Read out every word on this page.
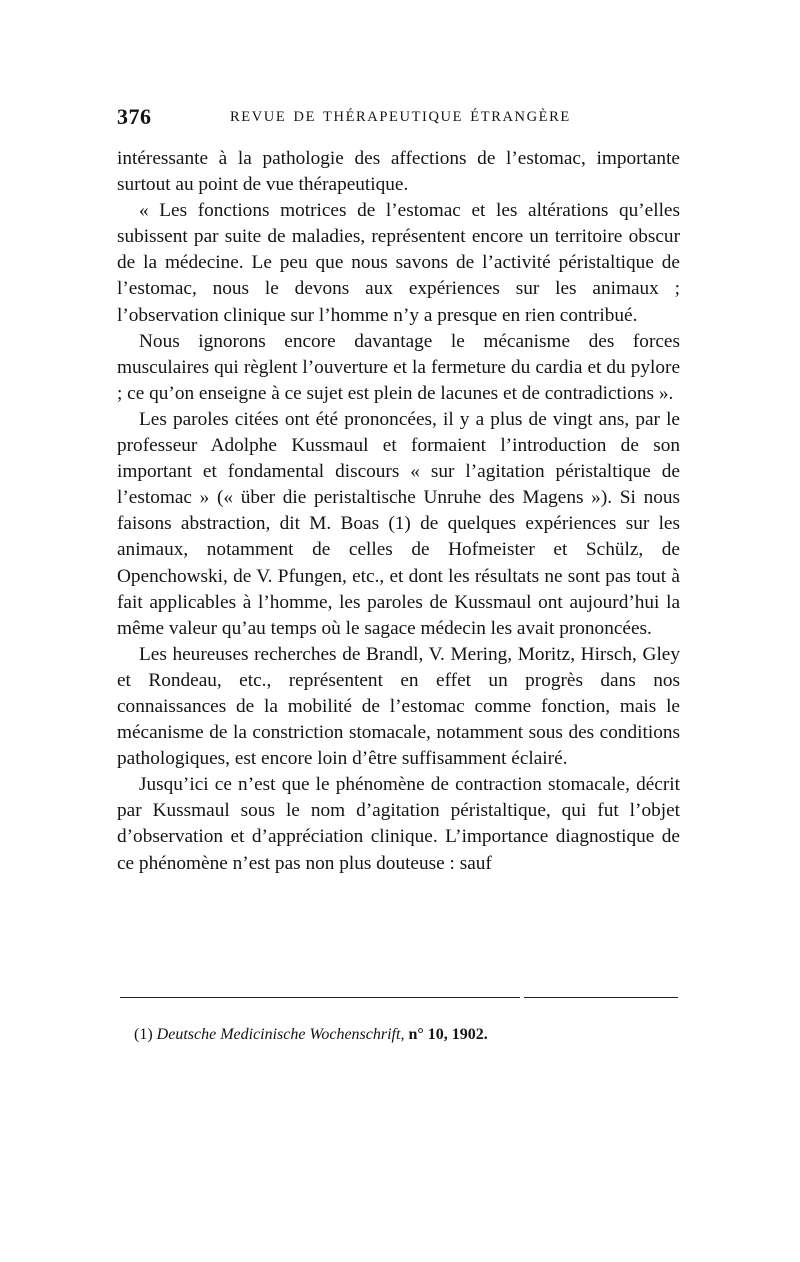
376	REVUE DE THÉRAPEUTIQUE ÉTRANGÈRE

intéressante à la pathologie des affections de l’estomac, importante surtout au point de vue thérapeutique.

« Les fonctions motrices de l’estomac et les altérations qu’elles subissent par suite de maladies, représentent encore un territoire obscur de la médecine. Le peu que nous savons de l’activité péristaltique de l’estomac, nous le devons aux expériences sur les animaux ; l’observation clinique sur l’homme n’y a presque en rien contribué.

Nous ignorons encore davantage le mécanisme des forces musculaires qui règlent l’ouverture et la fermeture du cardia et du pylore ; ce qu’on enseigne à ce sujet est plein de lacunes et de contradictions ».

Les paroles citées ont été prononcées, il y a plus de vingt ans, par le professeur Adolphe Kussmaul et formaient l’introduction de son important et fondamental discours « sur l’agitation péristaltique de l’estomac » (« über die peristaltische Unruhe des Magens »). Si nous faisons abstraction, dit M. Boas (1) de quelques expériences sur les animaux, notamment de celles de Hofmeister et Schülz, de Openchowski, de V. Pfungen, etc., et dont les résultats ne sont pas tout à fait applicables à l’homme, les paroles de Kussmaul ont aujourd’hui la même valeur qu’au temps où le sagace médecin les avait prononcées.

Les heureuses recherches de Brandl, V. Mering, Moritz, Hirsch, Gley et Rondeau, etc., représentent en effet un progrès dans nos connaissances de la mobilité de l’estomac comme fonction, mais le mécanisme de la constriction stomacale, notamment sous des conditions pathologiques, est encore loin d’être suffisamment éclairé.

Jusqu’ici ce n’est que le phénomène de contraction stomacale, décrit par Kussmaul sous le nom d’agitation péristaltique, qui fut l’objet d’observation et d’appréciation clinique. L’importance diagnostique de ce phénomène n’est pas non plus douteuse : sauf

(1) Deutsche Medicinische Wochenschrift, n° 10, 1902.
